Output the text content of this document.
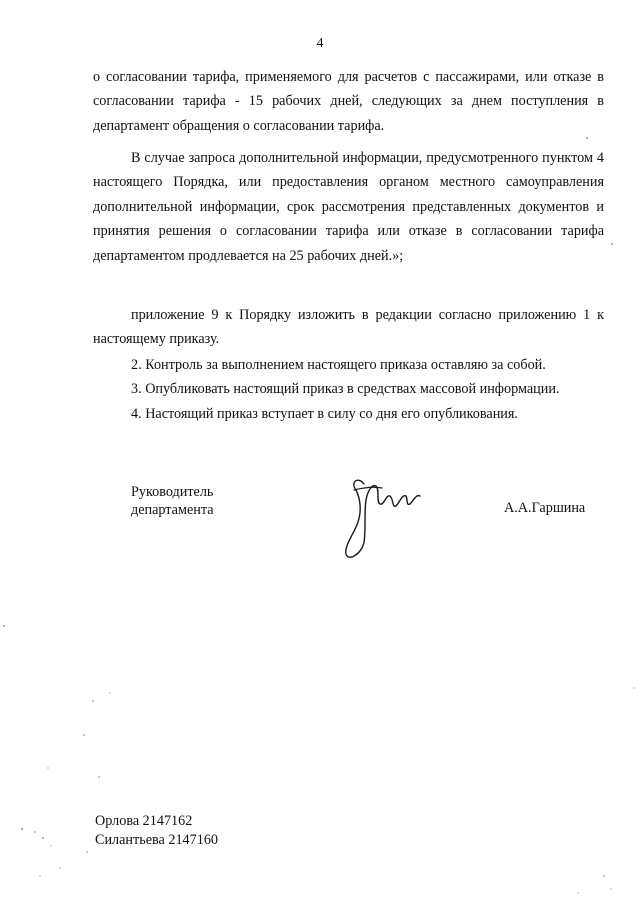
4

о согласовании тарифа, применяемого для расчетов с пассажирами, или отказе в согласовании тарифа - 15 рабочих дней, следующих за днем поступления в департамент обращения о согласовании тарифа.

В случае запроса дополнительной информации, предусмотренного пунктом 4 настоящего Порядка, или предоставления органом местного самоуправления дополнительной информации, срок рассмотрения представленных документов и принятия решения о согласовании тарифа или отказе в согласовании тарифа департаментом продлевается на 25 рабочих дней.»;

приложение 9 к Порядку изложить в редакции согласно приложению 1 к настоящему приказу.

2. Контроль за выполнением настоящего приказа оставляю за собой.
3. Опубликовать настоящий приказ в средствах массовой информации.
4. Настоящий приказ вступает в силу со дня его опубликования.
Руководитель
департамента	А.А.Гаршина
Орлова 2147162
Силантьева 2147160
